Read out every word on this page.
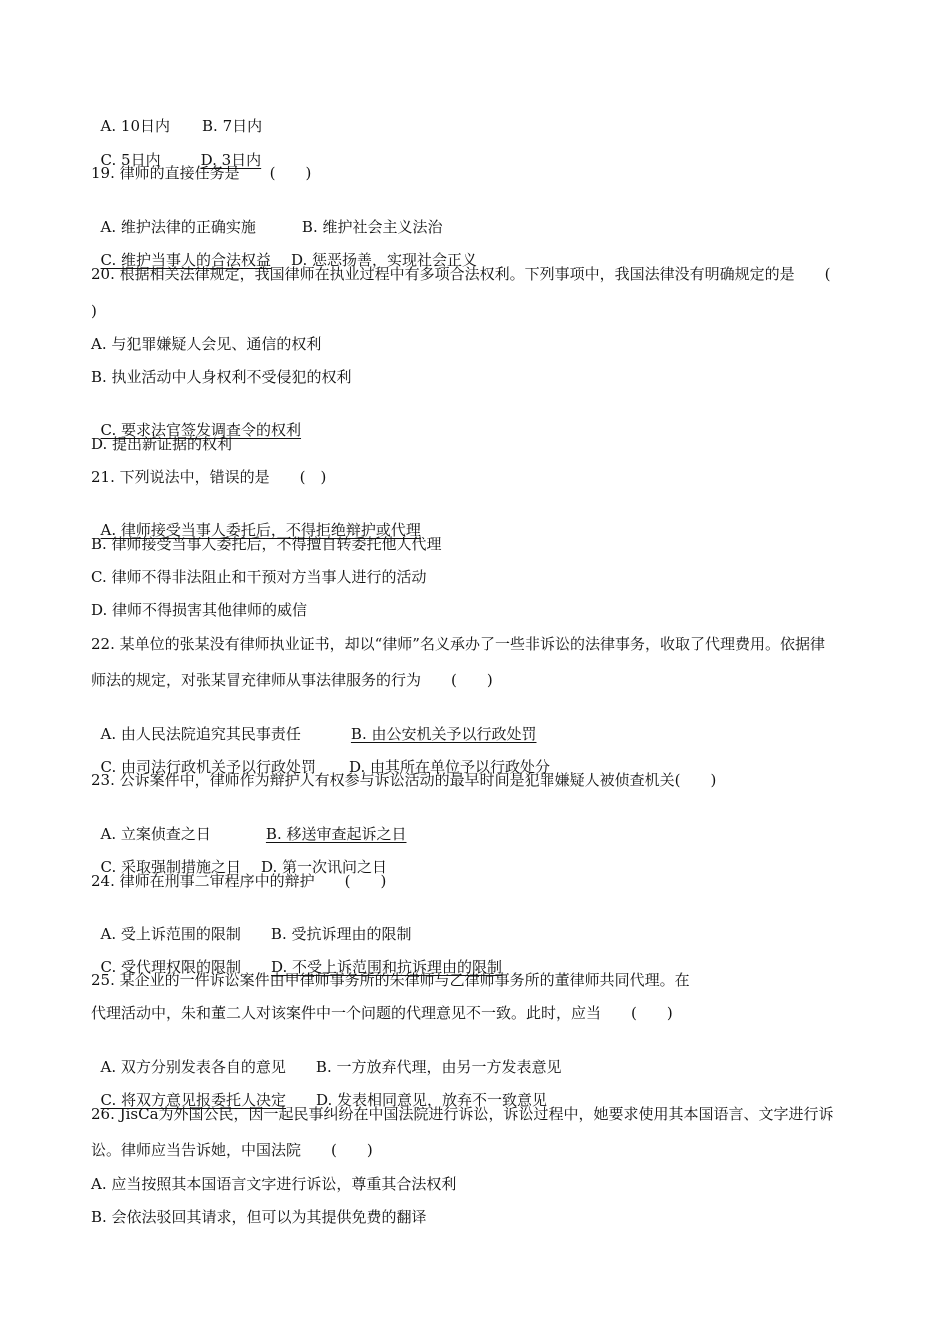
A. 10日内 B. 7日内

C. 5日内	D. 3日内

19. 律师的直接任务是　　(　　)

A. 维护法律的正确实施	B. 维护社会主义法治

C. 维护当事人的合法权益 D. 惩恶扬善，实现社会正义

20. 根据相关法律规定，我国律师在执业过程中有多项合法权利。下列事项中，我国法律没有明确规定的是　　(
)
A. 与犯罪嫌疑人会见、通信的权利
B. 执业活动中人身权利不受侵犯的权利

C. 要求法官签发调查令的权利

D. 提出新证据的权利
21. 下列说法中，错误的是　　(　)

A. 律师接受当事人委托后，不得拒绝辩护或代理

B. 律师接受当事人委托后，不得擅自转委托他人代理
C. 律师不得非法阻止和干预对方当事人进行的活动
D. 律师不得损害其他律师的威信
22. 某单位的张某没有律师执业证书，却以“律师”名义承办了一些非诉讼的法律事务，收取了代理费用。依据律
师法的规定，对张某冒充律师从事法律服务的行为　　(　　)

A. 由人民法院追究其民事责任	B. 由公安机关予以行政处罚

C. 由司法行政机关予以行政处罚 D. 由其所在单位予以行政处分

23. 公诉案件中，律师作为辩护人有权参与诉讼活动的最早时间是犯罪嫌疑人被侦查机关(　　)

A. 立案侦查之日	B. 移送审查起诉之日

C. 采取强制措施之日 D. 第一次讯问之日

24. 律师在刑事二审程序中的辩护　　(　　)

A. 受上诉范围的限制 B. 受抗诉理由的限制

C. 受代理权限的限制 D. 不受上诉范围和抗诉理由的限制

25. 某企业的一件诉讼案件由甲律师事务所的朱律师与乙律师事务所的董律师共同代理。在
代理活动中，朱和董二人对该案件中一个问题的代理意见不一致。此时，应当　　(　　)

A. 双方分别发表各自的意见 B. 一方放弃代理，由另一方发表意见

C. 将双方意见报委托人决定 D. 发表相同意见，放弃不一致意见

26. JisCa为外国公民，因一起民事纠纷在中国法院进行诉讼，诉讼过程中，她要求使用其本国语言、文字进行诉
讼。律师应当告诉她，中国法院　　(　　)
A. 应当按照其本国语言文字进行诉讼，尊重其合法权利
B. 会依法驳回其请求，但可以为其提供免费的翻译
